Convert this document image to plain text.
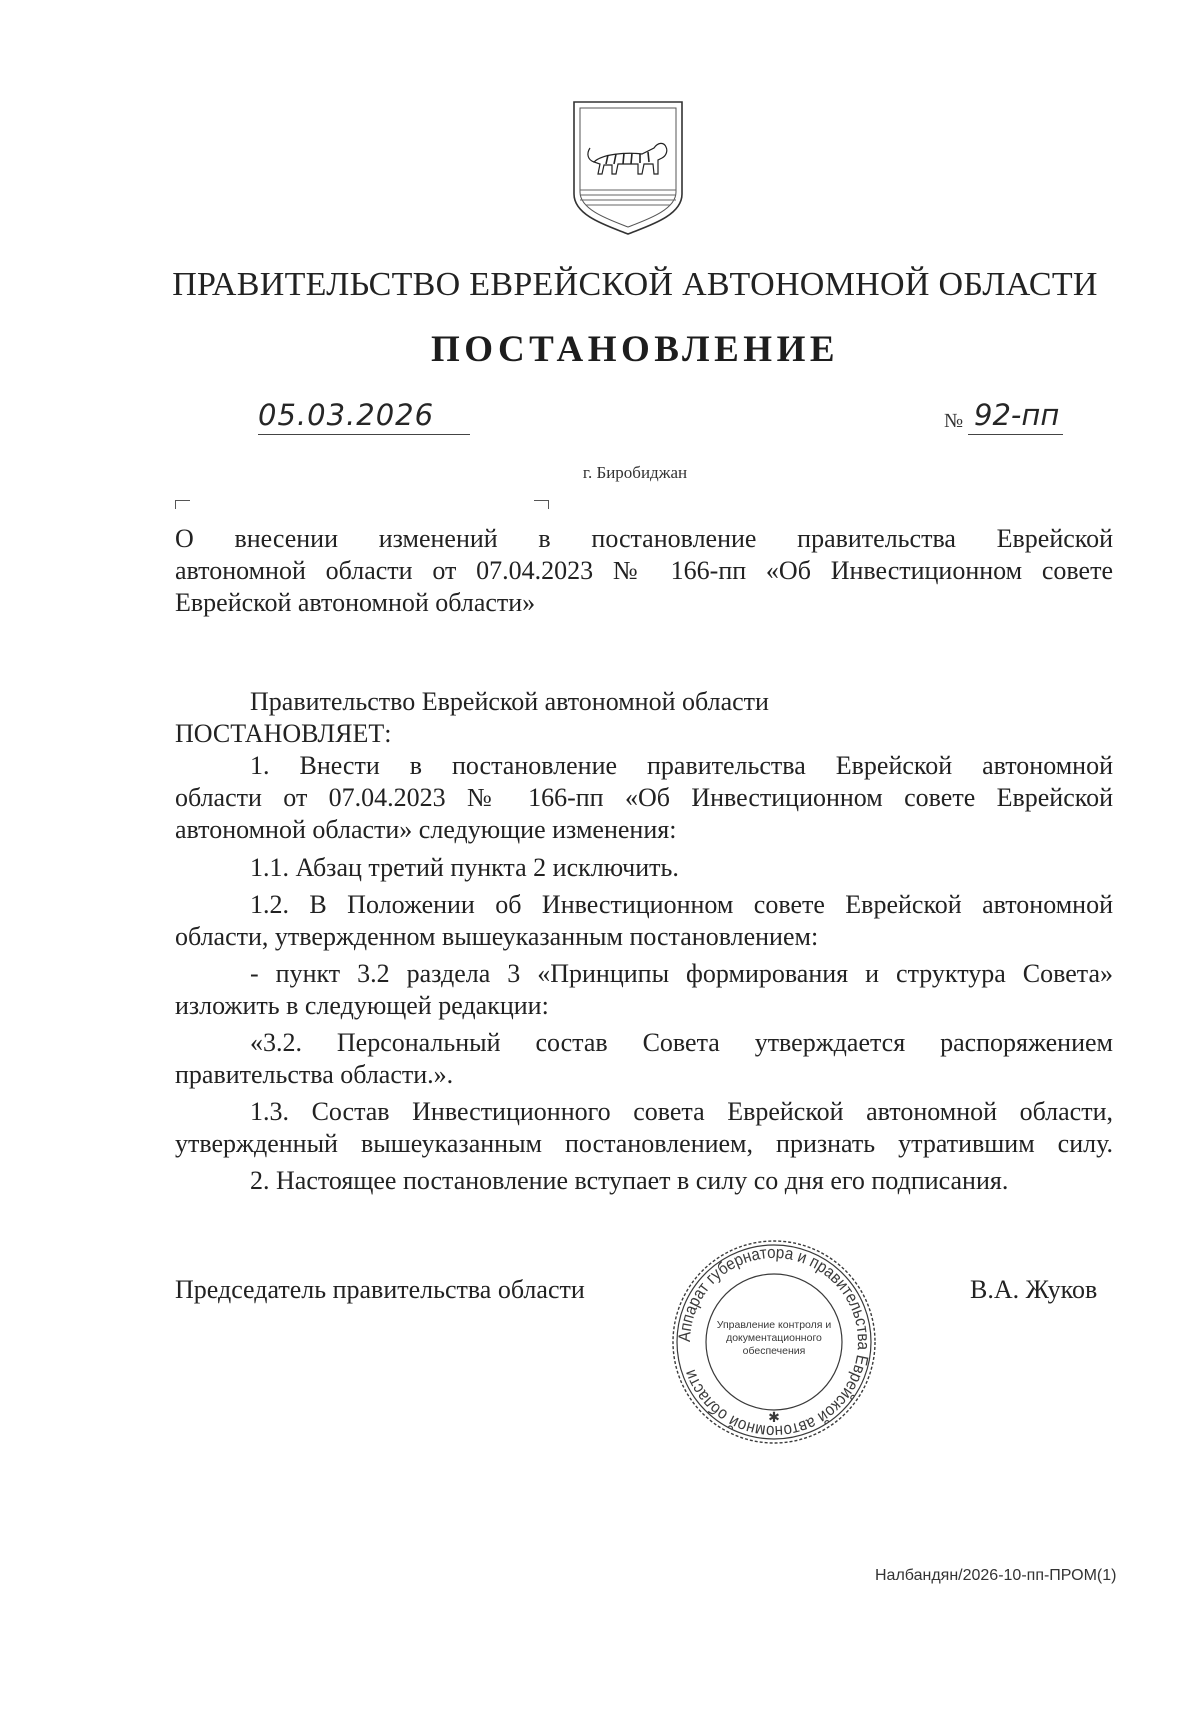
ПРАВИТЕЛЬСТВО ЕВРЕЙСКОЙ АВТОНОМНОЙ ОБЛАСТИ
ПОСТАНОВЛЕНИЕ
05.03.2026	№ 92-пп
г. Биробиджан
О внесении изменений в постановление правительства Еврейской
автономной области от 07.04.2023 № 166-пп «Об Инвестиционном совете
Еврейской автономной области»
Правительство Еврейской автономной области
ПОСТАНОВЛЯЕТ:
1. Внести в постановление правительства Еврейской автономной
области от 07.04.2023 № 166-пп «Об Инвестиционном совете Еврейской
автономной области» следующие изменения:
1.1. Абзац третий пункта 2 исключить.
1.2. В Положении об Инвестиционном совете Еврейской автономной
области, утвержденном вышеуказанным постановлением:
- пункт 3.2 раздела 3 «Принципы формирования и структура Совета»
изложить в следующей редакции:
«3.2. Персональный состав Совета утверждается распоряжением
правительства области.».
1.3. Состав Инвестиционного совета Еврейской автономной области,
утвержденный вышеуказанным постановлением, признать утратившим силу.
2. Настоящее постановление вступает в силу со дня его подписания.
Председатель правительства области	В.А. Жуков
Аппарат губернатора и правительства Еврейской автономной области
✱
Управление контроля и документационного обеспечения
Налбандян/2026-10-пп-ПРОМ(1)
